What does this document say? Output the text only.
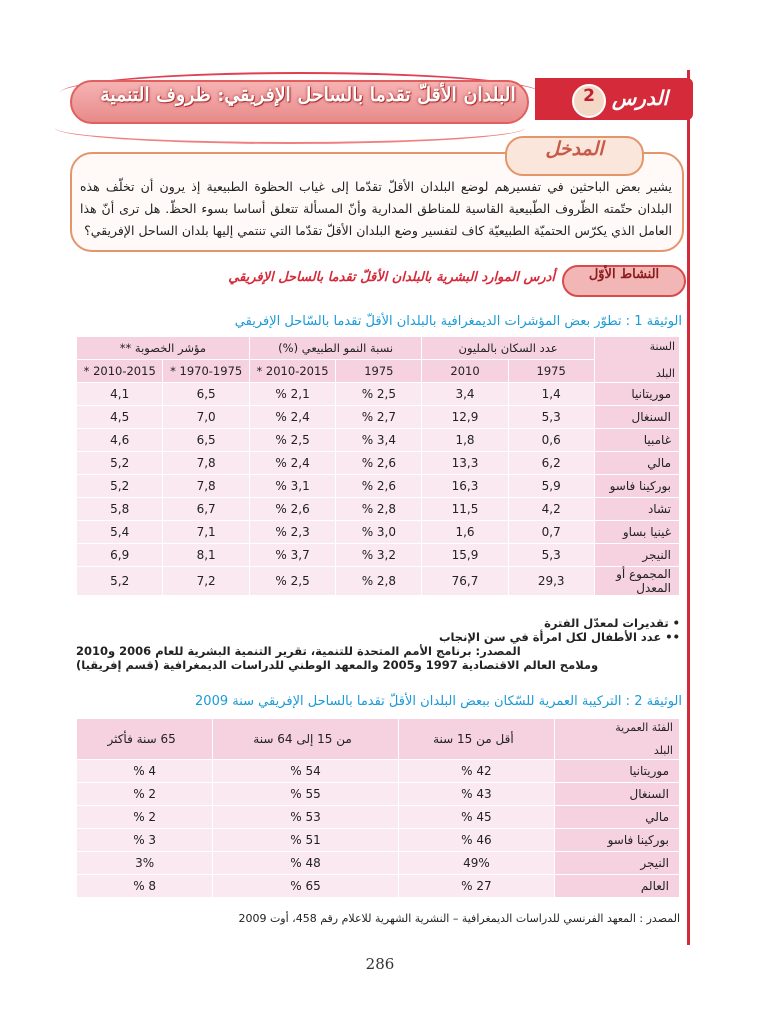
البلدان الأقلّ تقدما بالساحل الإفريقي: ظروف التنمية	الدرس
2
المدخل
يشير بعض الباحثين في تفسيرهم لوضع البلدان الأقلّ تقدّما إلى غياب الحظوة الطبيعية إذ يرون أن تخلّف هذه البلدان حتّمته الظّروف الطّبيعية القاسية للمناطق المدارية وأنّ المسألة تتعلق أساسا بسوء الحظّ. هل ترى أنّ هذا العامل الذي يكرّس الحتميّة الطبيعيّة كاف لتفسير وضع البلدان الأقلّ تقدّما التي تنتمي إليها بلدان الساحل الإفريقي؟
النشاط الأوّل
أدرس الموارد البشرية بالبلدان الأقلّ تقدما بالساحل الإفريقي
الوثيقة 1 : تطوّر بعض المؤشرات الديمغرافية بالبلدان الأقلّ تقدما بالسّاحل الإفريقي
السنة
البلد	عدد السكان بالمليون		نسبة النمو الطبيعي (%)		مؤشر الخصوبة **	
	1975	2010	1975	2010-2015 *	1970-1975 *	2010-2015 *
موريتانيا	1,4	3,4	2,5 %	2,1 %	6,5	4,1
السنغال	5,3	12,9	2,7 %	2,4 %	7,0	4,5
غامبيا	0,6	1,8	3,4 %	2,5 %	6,5	4,6
مالي	6,2	13,3	2,6 %	2,4 %	7,8	5,2
بوركينا فاسو	5,9	16,3	2,6 %	3,1 %	7,8	5,2
تشاد	4,2	11,5	2,8 %	2,6 %	6,7	5,8
غينيا بساو	0,7	1,6	3,0 %	2,3 %	7,1	5,4
النيجر	5,3	15,9	3,2 %	3,7 %	8,1	6,9
المجموع أو المعدل	29,3	76,7	2,8 %	2,5 %	7,2	5,2
• تقديرات لمعدّل الفترة
•• عدد الأطفال لكل امرأة في سن الإنجاب
المصدر: برنامج الأمم المتحدة للتنمية، تقرير التنمية البشرية للعام 2006 و2010
وملامح العالم الاقتصادية 1997 و2005 والمعهد الوطني للدراسات الديمغرافية (قسم إفريقيا)
الوثيقة 2 : التركيبة العمرية للسّكان ببعض البلدان الأقلّ تقدما بالساحل الإفريقي سنة 2009
الفئة العمرية
البلد	أقل من 15 سنة	من 15 إلى 64 سنة	65 سنة فأكثر
موريتانيا	42 %	54 %	4 %
السنغال	43 %	55 %	2 %
مالي	45 %	53 %	2 %
بوركينا فاسو	46 %	51 %	3 %
النيجر	49%	48 %	3%
العالم	27 %	65 %	8 %
المصدر : المعهد الفرنسي للدراسات الديمغرافية – النشرية الشهرية للاعلام رقم 458، أوت 2009
286
